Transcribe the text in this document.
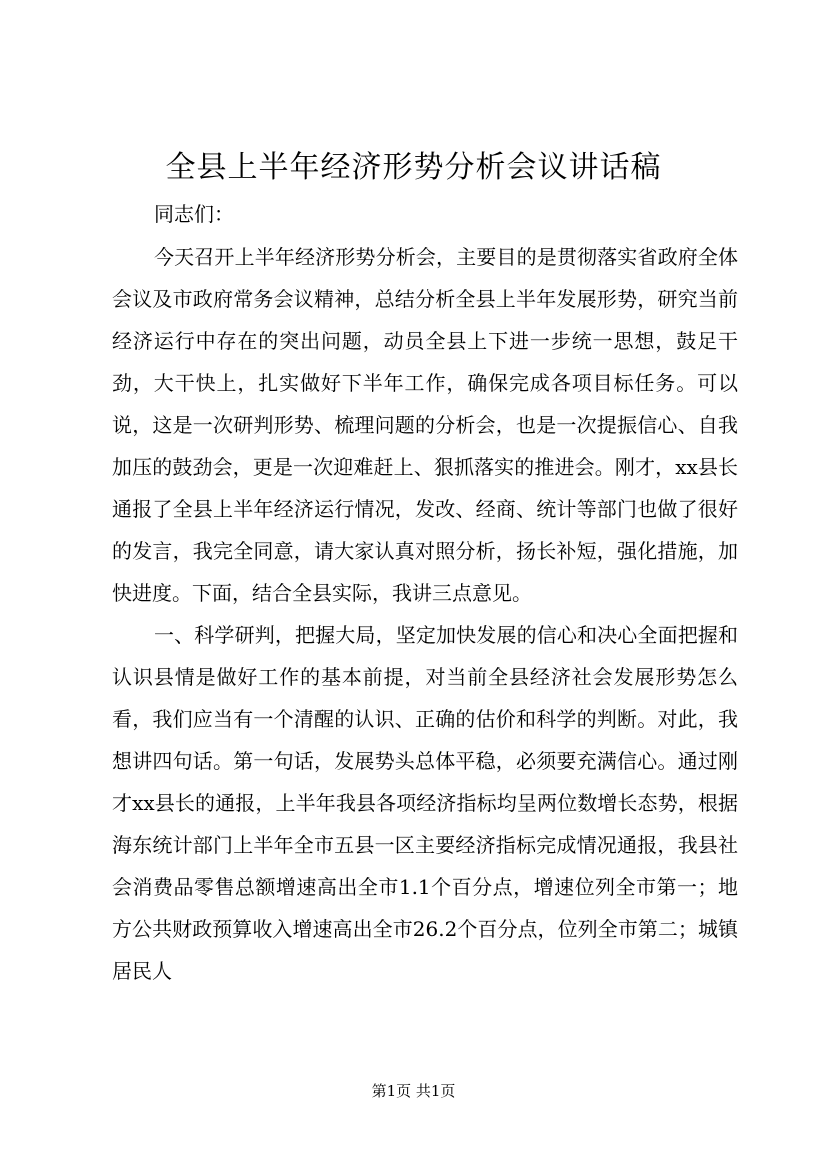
全县上半年经济形势分析会议讲话稿

同志们：

今天召开上半年经济形势分析会，主要目的是贯彻落实省政府全体会议及市政府常务会议精神，总结分析全县上半年发展形势，研究当前经济运行中存在的突出问题，动员全县上下进一步统一思想，鼓足干劲，大干快上，扎实做好下半年工作，确保完成各项目标任务。可以说，这是一次研判形势、梳理问题的分析会，也是一次提振信心、自我加压的鼓劲会，更是一次迎难赶上、狠抓落实的推进会。刚才，xx县长通报了全县上半年经济运行情况，发改、经商、统计等部门也做了很好的发言，我完全同意，请大家认真对照分析，扬长补短，强化措施，加快进度。下面，结合全县实际，我讲三点意见。

一、科学研判，把握大局，坚定加快发展的信心和决心全面把握和认识县情是做好工作的基本前提，对当前全县经济社会发展形势怎么看，我们应当有一个清醒的认识、正确的估价和科学的判断。对此，我想讲四句话。第一句话，发展势头总体平稳，必须要充满信心。通过刚才xx县长的通报，上半年我县各项经济指标均呈两位数增长态势，根据海东统计部门上半年全市五县一区主要经济指标完成情况通报，我县社会消费品零售总额增速高出全市1.1个百分点，增速位列全市第一；地方公共财政预算收入增速高出全市26.2个百分点，位列全市第二；城镇居民人

第1页 共1页
